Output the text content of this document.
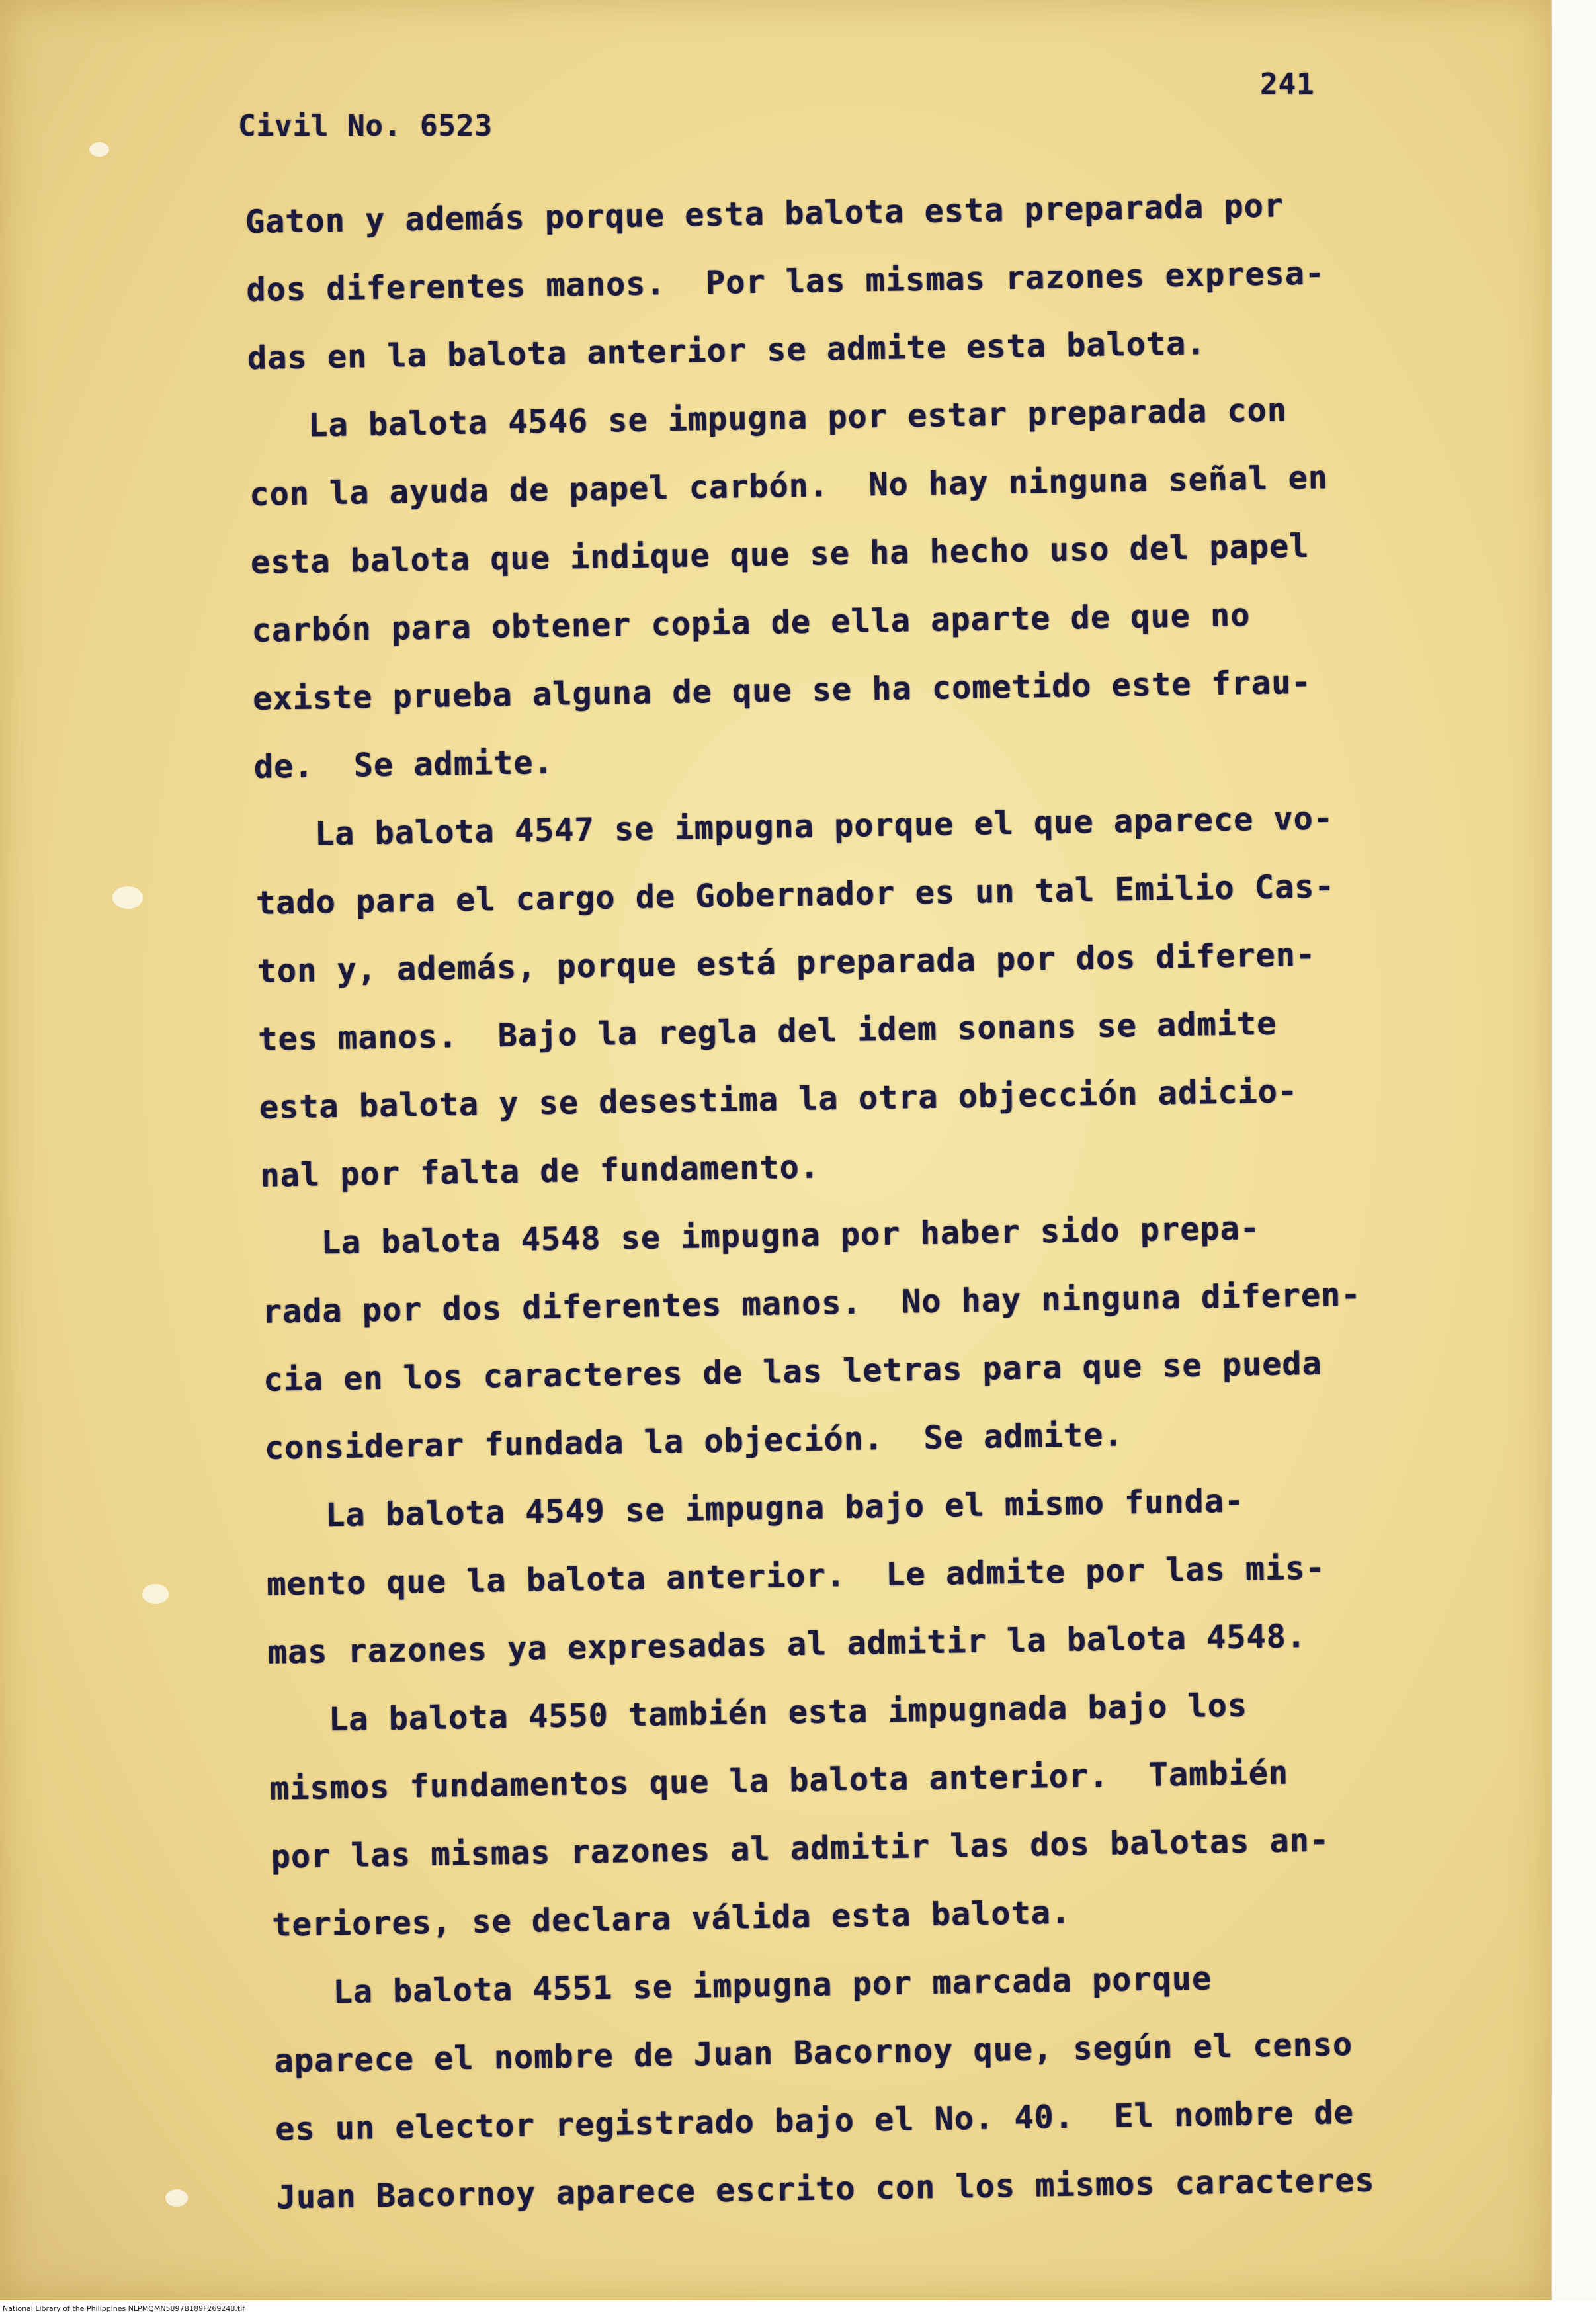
Civil No. 6523
241
Gaton y además porque esta balota esta preparada por
dos diferentes manos.  Por las mismas razones expresa-
das en la balota anterior se admite esta balota.
La balota 4546 se impugna por estar preparada con
con la ayuda de papel carbón.  No hay ninguna señal en
esta balota que indique que se ha hecho uso del papel
carbón para obtener copia de ella aparte de que no
existe prueba alguna de que se ha cometido este frau-
de.  Se admite.
La balota 4547 se impugna porque el que aparece vo-
tado para el cargo de Gobernador es un tal Emilio Cas-
ton y, además, porque está preparada por dos diferen-
tes manos.  Bajo la regla del idem sonans se admite
esta balota y se desestima la otra objección adicio-
nal por falta de fundamento.
La balota 4548 se impugna por haber sido prepa-
rada por dos diferentes manos.  No hay ninguna diferen-
cia en los caracteres de las letras para que se pueda
considerar fundada la objeción.  Se admite.
La balota 4549 se impugna bajo el mismo funda-
mento que la balota anterior.  Le admite por las mis-
mas razones ya expresadas al admitir la balota 4548.
La balota 4550 también esta impugnada bajo los
mismos fundamentos que la balota anterior.  También
por las mismas razones al admitir las dos balotas an-
teriores, se declara válida esta balota.
La balota 4551 se impugna por marcada porque
aparece el nombre de Juan Bacornoy que, según el censo
es un elector registrado bajo el No. 40.  El nombre de
Juan Bacornoy aparece escrito con los mismos caracteres
National Library of the Philippines NLPMQMN5897B189F269248.tif
